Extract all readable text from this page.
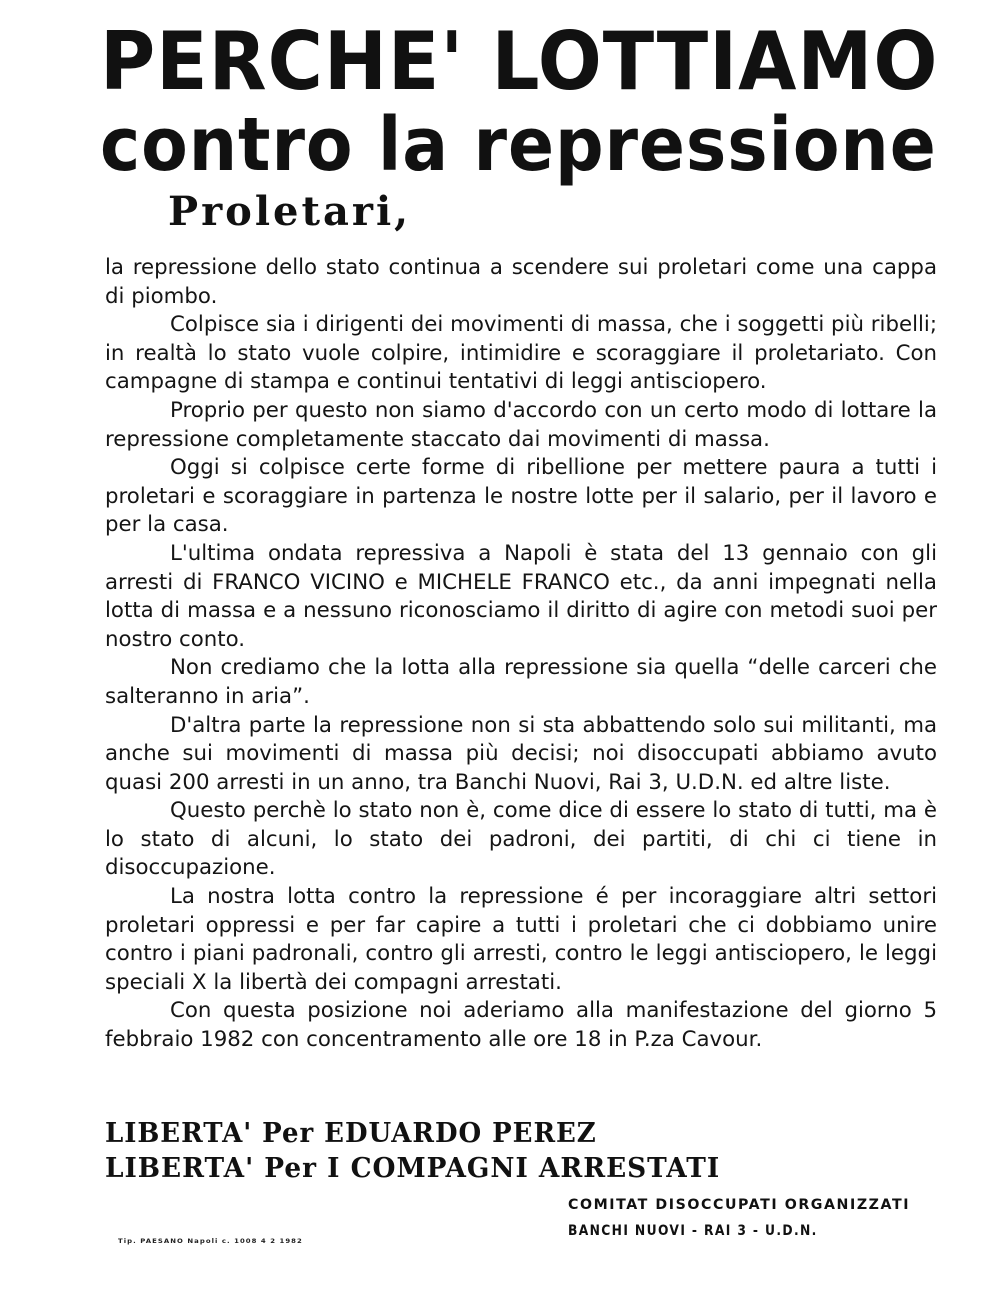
PERCHE' LOTTIAMO
contro la repressione
Proletari,

la repressione dello stato continua a scendere sui proletari come una cappa di piombo.

Colpisce sia i dirigenti dei movimenti di massa, che i soggetti più ribelli; in realtà lo stato vuole colpire, intimidire e scoraggiare il proletariato. Con campagne di stampa e continui tentativi di leggi antisciopero.

Proprio per questo non siamo d'accordo con un certo modo di lottare la repressione completamente staccato dai movimenti di massa.

Oggi si colpisce certe forme di ribellione per mettere paura a tutti i proletari e scoraggiare in partenza le nostre lotte per il salario, per il lavoro e per la casa.

L'ultima ondata repressiva a Napoli è stata del 13 gennaio con gli arresti di FRANCO VICINO e MICHELE FRANCO etc., da anni impegnati nella lotta di massa e a nessuno riconosciamo il diritto di agire con metodi suoi per nostro conto.

Non crediamo che la lotta alla repressione sia quella “delle carceri che salteranno in aria”.

D'altra parte la repressione non si sta abbattendo solo sui militanti, ma anche sui movimenti di massa più decisi; noi disoccupati abbiamo avuto quasi 200 arresti in un anno, tra Banchi Nuovi, Rai 3, U.D.N. ed altre liste.

Questo perchè lo stato non è, come dice di essere lo stato di tutti, ma è lo stato di alcuni, lo stato dei padroni, dei partiti, di chi ci tiene in disoccupazione.

La nostra lotta contro la repressione é per incoraggiare altri settori proletari oppressi e per far capire a tutti i proletari che ci dobbiamo unire contro i piani padronali, contro gli arresti, contro le leggi antisciopero, le leggi speciali X la libertà dei compagni arrestati.

Con questa posizione noi aderiamo alla manifestazione del giorno 5 febbraio 1982 con concentramento alle ore 18 in P.za Cavour.

LIBERTA' Per EDUARDO PEREZ
LIBERTA' Per I COMPAGNI ARRESTATI
Tip. PAESANO Napoli c. 1008 4 2 1982
COMITAT DISOCCUPATI ORGANIZZATI
BANCHI NUOVI - RAI 3 - U.D.N.
